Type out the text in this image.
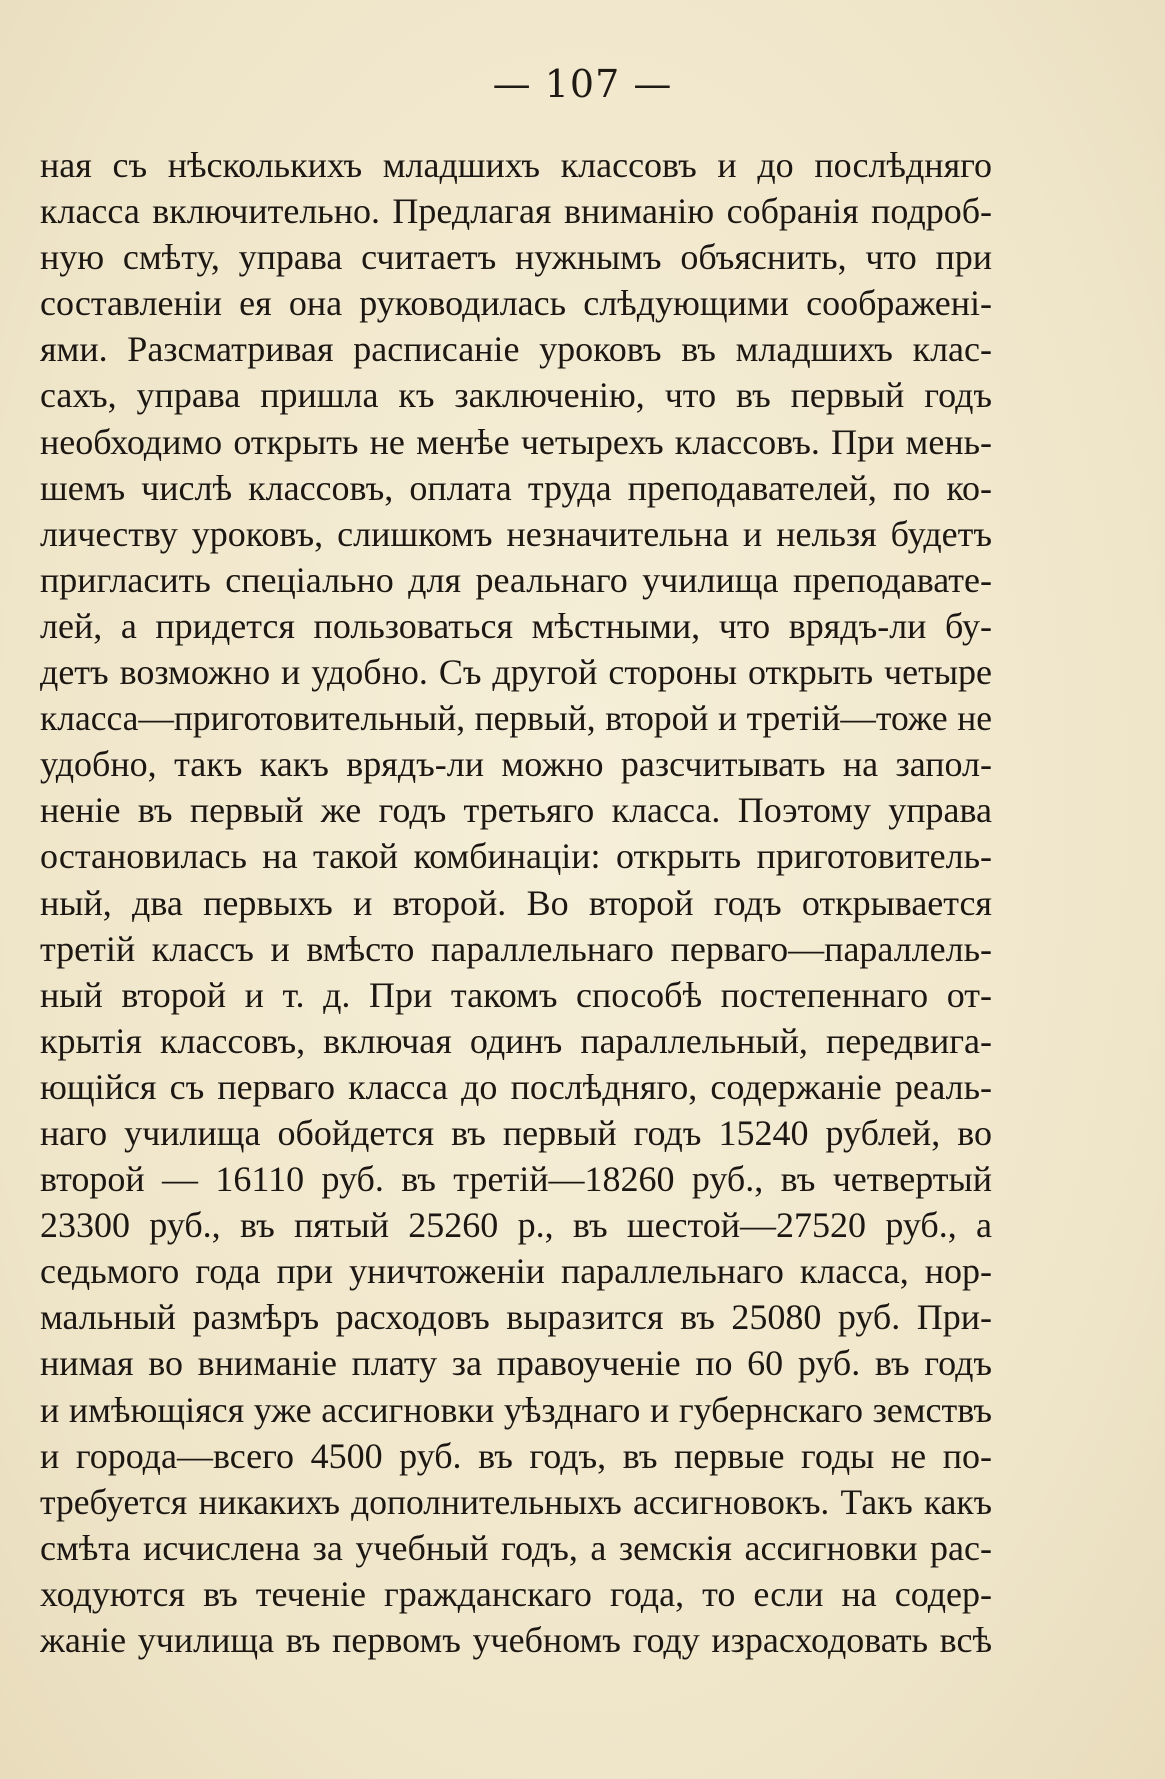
— 107 —
ная съ нѣсколькихъ младшихъ классовъ и до послѣдняго
класса включительно. Предлагая вниманію собранія подроб-
ную смѣту, управа считаетъ нужнымъ объяснить, что при
составленіи ея она руководилась слѣдующими соображені-
ями. Разсматривая расписаніе уроковъ въ младшихъ клас-
сахъ, управа пришла къ заключенію, что въ первый годъ
необходимо открыть не менѣе четырехъ классовъ. При мень-
шемъ числѣ классовъ, оплата труда преподавателей, по ко-
личеству уроковъ, слишкомъ незначительна и нельзя будетъ
пригласить спеціально для реальнаго училища преподавате-
лей, а придется пользоваться мѣстными, что врядъ-ли бу-
детъ возможно и удобно. Съ другой стороны открыть четыре
класса—приготовительный, первый, второй и третій—тоже не
удобно, такъ какъ врядъ-ли можно разсчитывать на запол-
неніе въ первый же годъ третьяго класса. Поэтому управа
остановилась на такой комбинаціи: открыть приготовитель-
ный, два первыхъ и второй. Во второй годъ открывается
третій классъ и вмѣсто параллельнаго перваго—параллель-
ный второй и т. д. При такомъ способѣ постепеннаго от-
крытія классовъ, включая одинъ параллельный, передвига-
ющійся съ перваго класса до послѣдняго, содержаніе реаль-
наго училища обойдется въ первый годъ 15240 рублей, во
второй — 16110 руб. въ третій—18260 руб., въ четвертый
23300 руб., въ пятый 25260 р., въ шестой—27520 руб., а
седьмого года при уничтоженіи параллельнаго класса, нор-
мальный размѣръ расходовъ выразится въ 25080 руб. При-
нимая во вниманіе плату за правоученіе по 60 руб. въ годъ
и имѣющіяся уже ассигновки уѣзднаго и губернскаго земствъ
и города—всего 4500 руб. въ годъ, въ первые годы не по-
требуется никакихъ дополнительныхъ ассигновокъ. Такъ какъ
смѣта исчислена за учебный годъ, а земскія ассигновки рас-
ходуются въ теченіе гражданскаго года, то если на содер-
жаніе училища въ первомъ учебномъ году израсходовать всѣ
